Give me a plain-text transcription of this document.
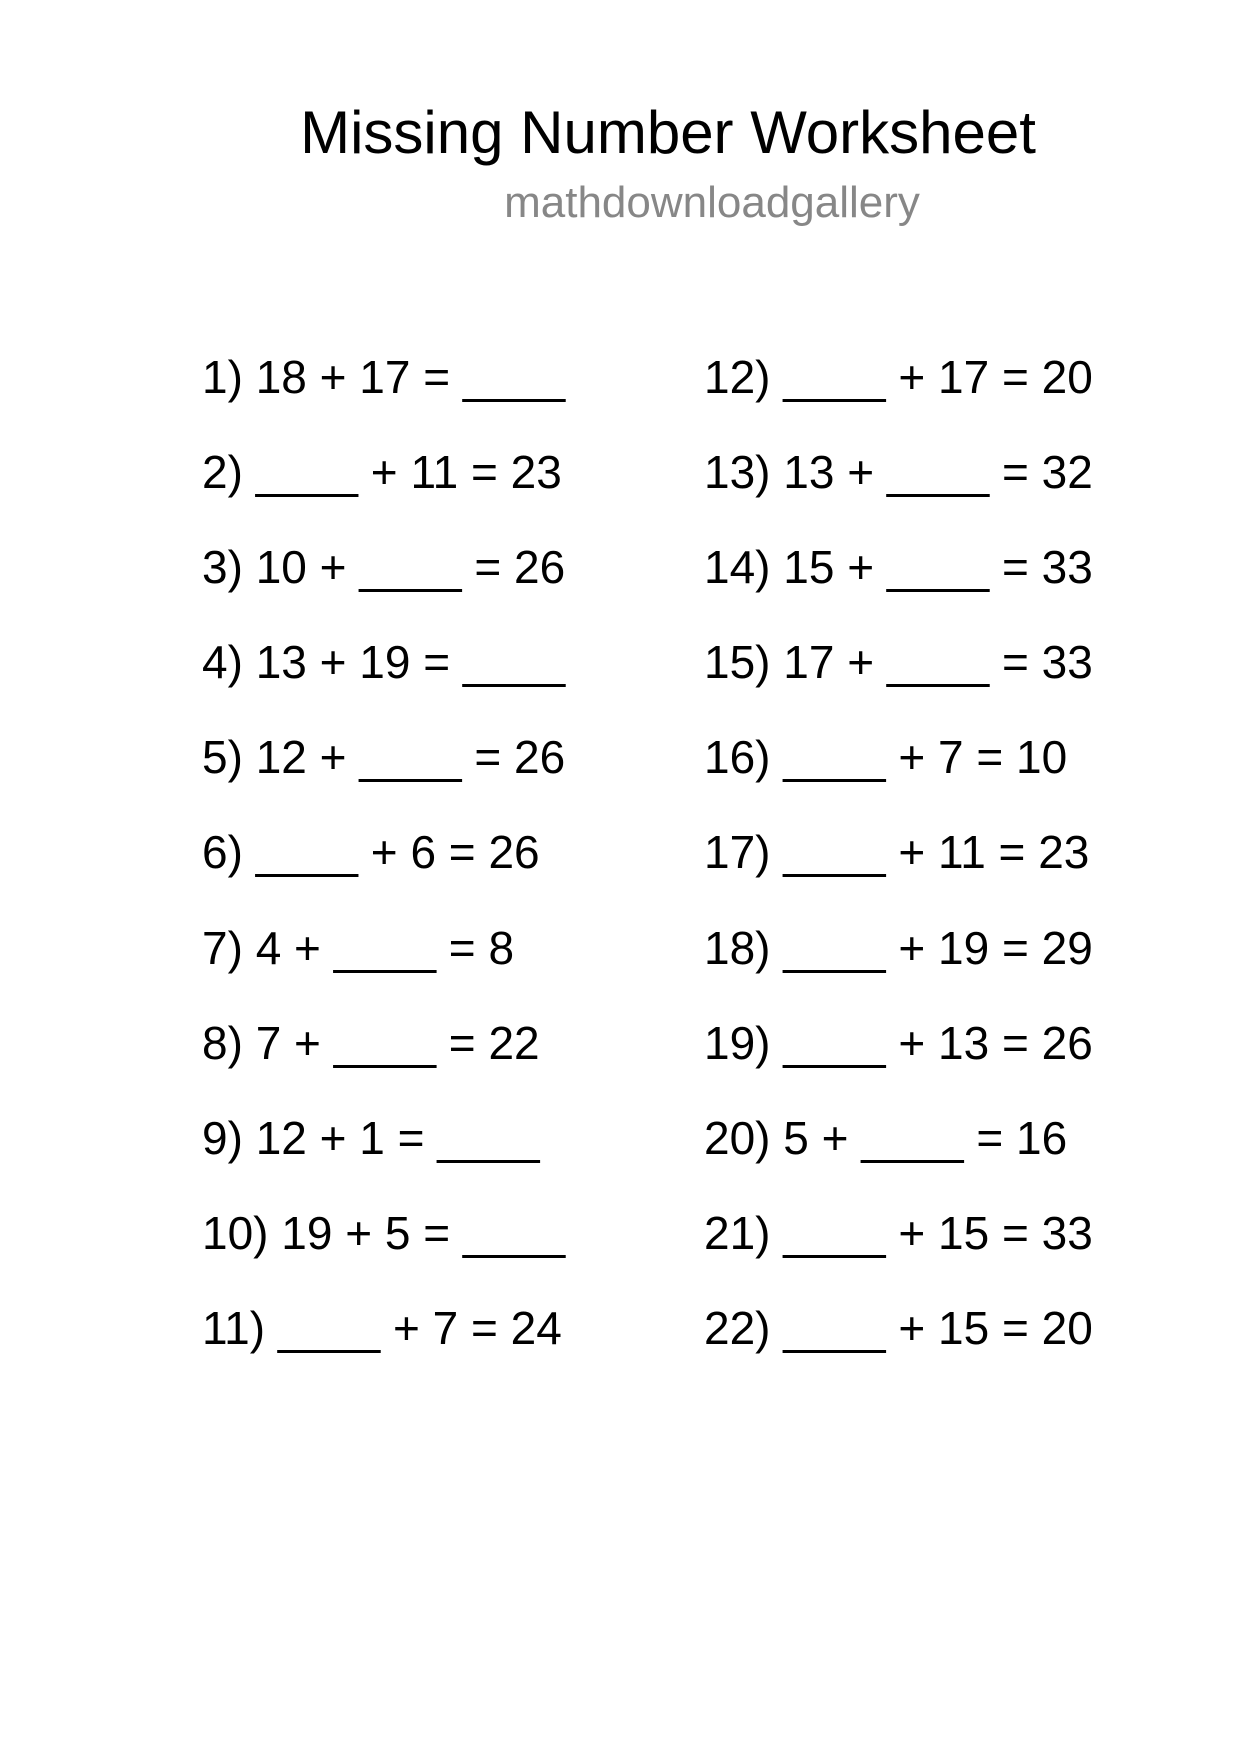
Missing Number Worksheet
mathdownloadgallery
1) 18 + 17 = ____
2) ____ + 11 = 23
3) 10 + ____ = 26
4) 13 + 19 = ____
5) 12 + ____ = 26
6) ____ + 6 = 26
7) 4 + ____ = 8
8) 7 + ____ = 22
9) 12 + 1 = ____
10) 19 + 5 = ____
11) ____ + 7 = 24
12) ____ + 17 = 20
13) 13 + ____ = 32
14) 15 + ____ = 33
15) 17 + ____ = 33
16) ____ + 7 = 10
17) ____ + 11 = 23
18) ____ + 19 = 29
19) ____ + 13 = 26
20) 5 + ____ = 16
21) ____ + 15 = 33
22) ____ + 15 = 20
